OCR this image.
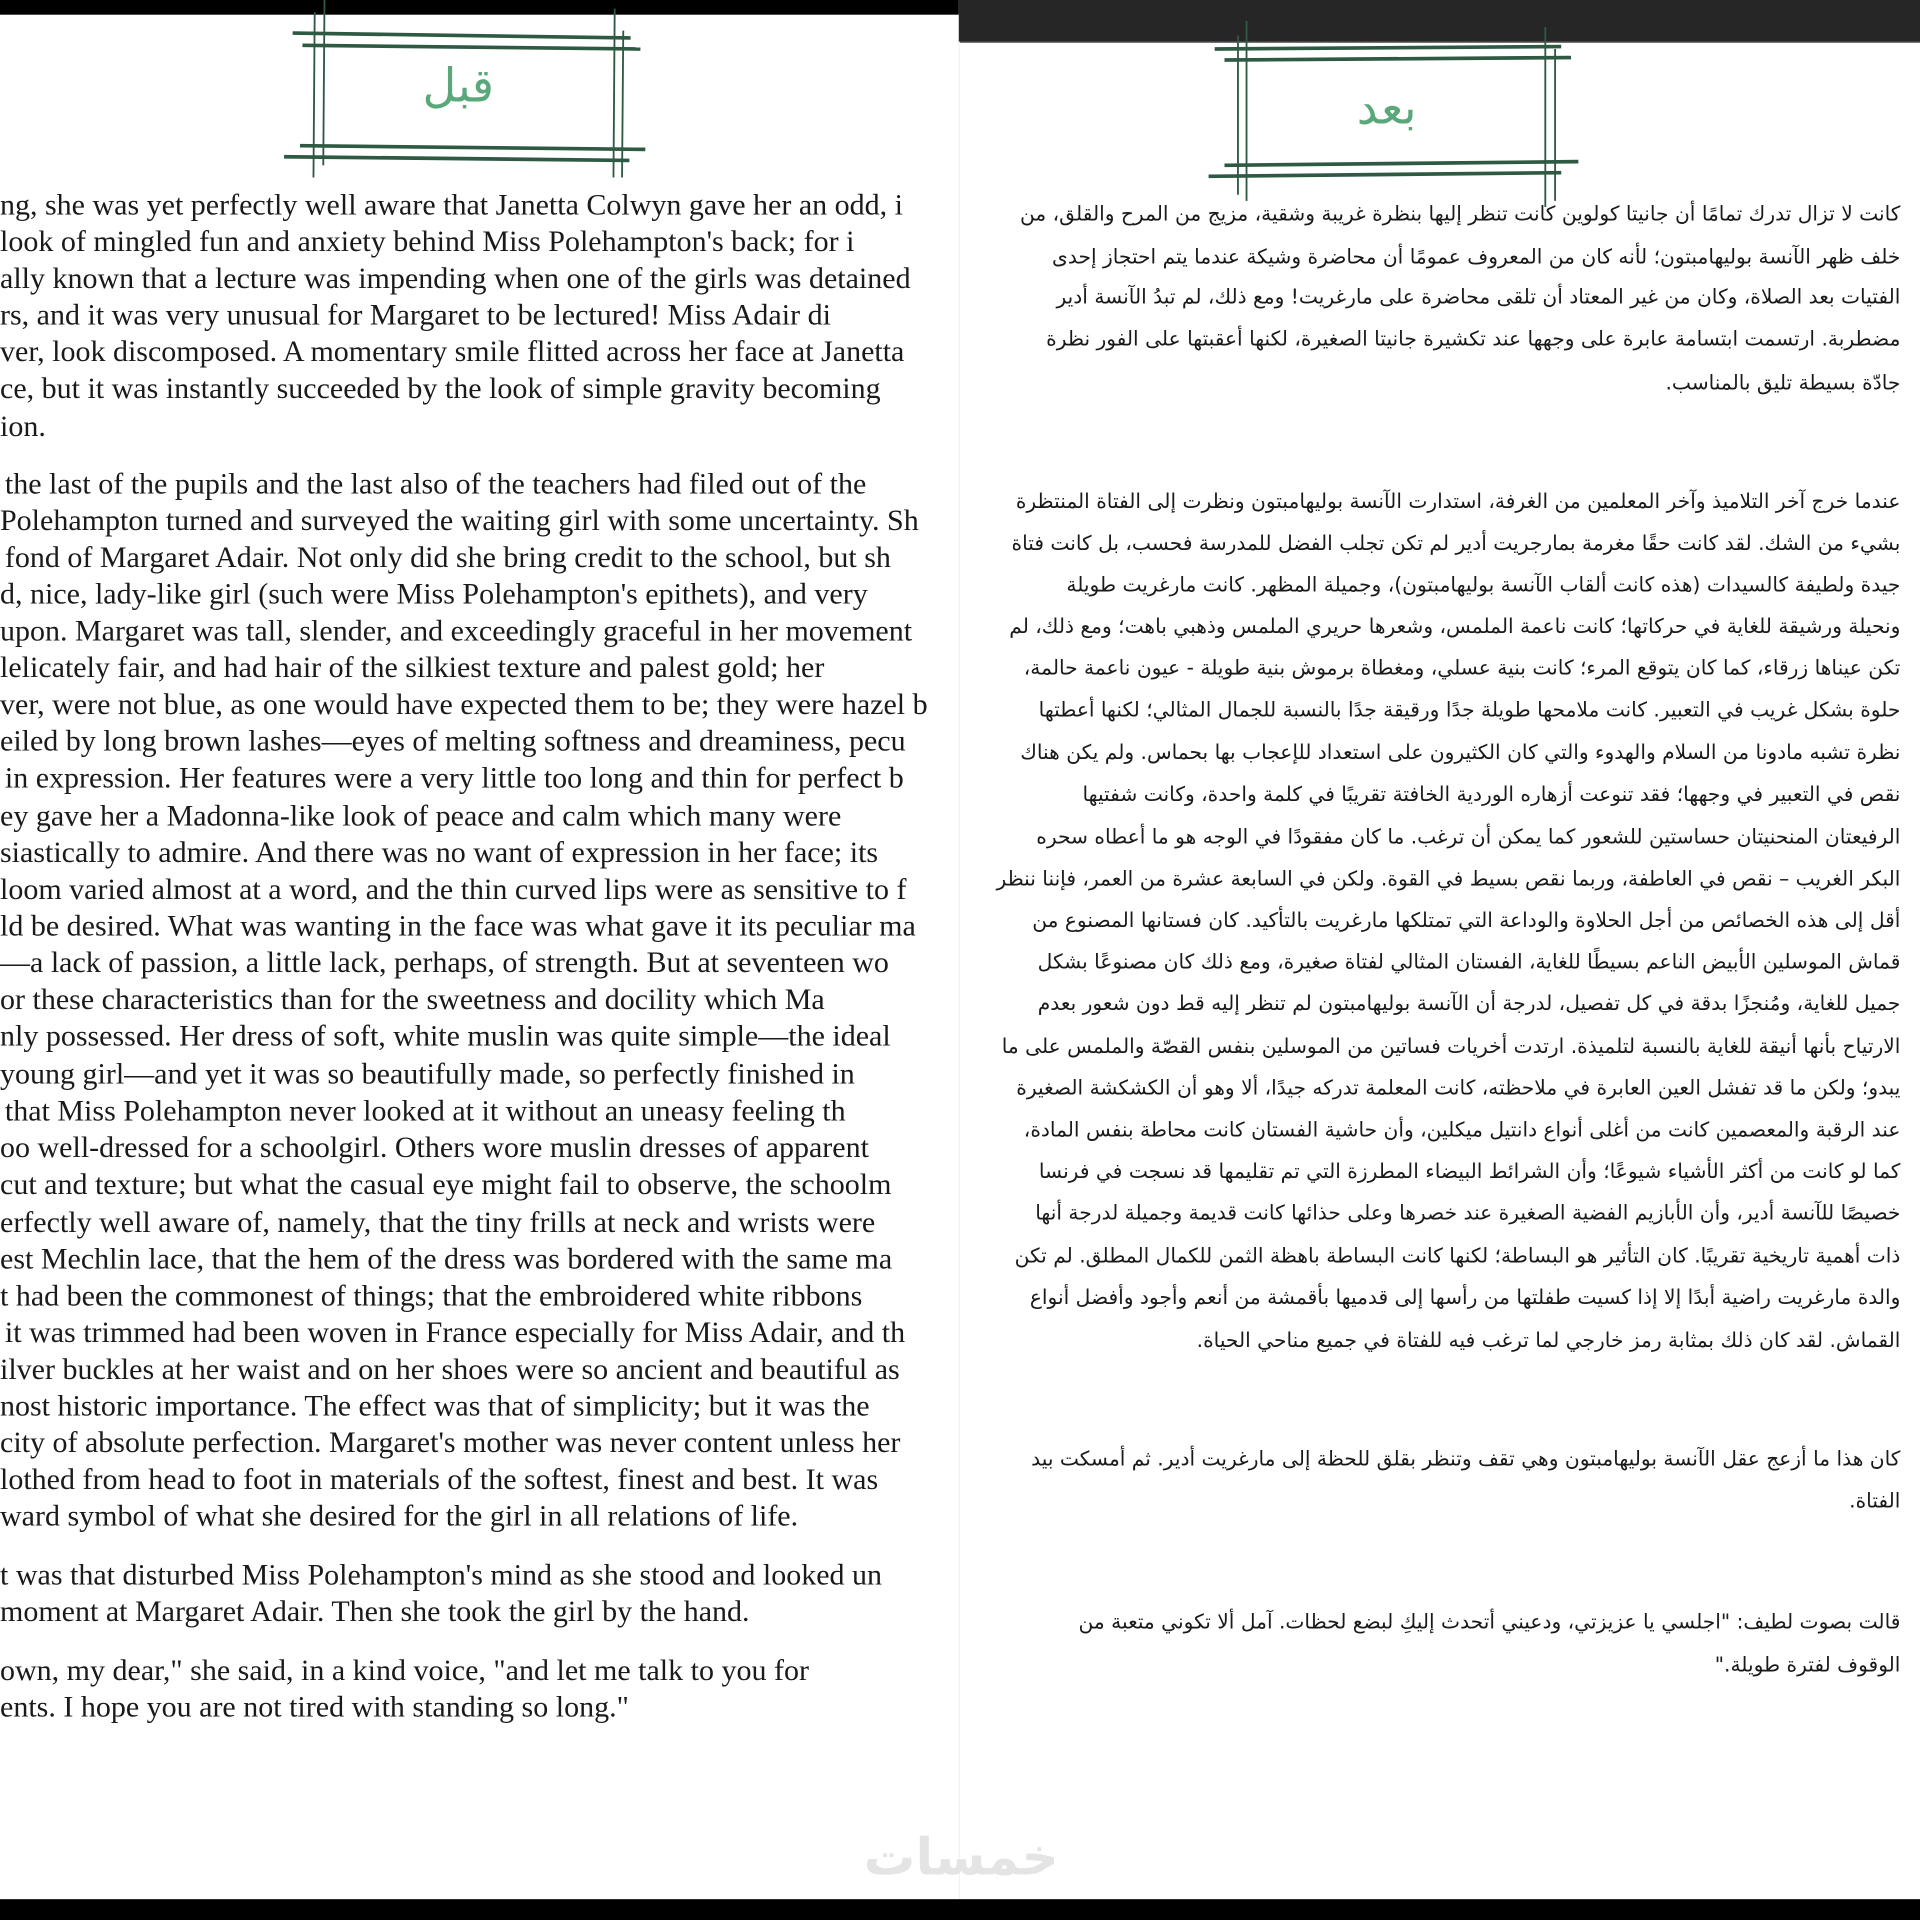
قبل	بعد
ng, she was yet perfectly well aware that Janetta Colwyn gave her an odd, i
look of mingled fun and anxiety behind Miss Polehampton's back; for i
ally known that a lecture was impending when one of the girls was detained
rs, and it was very unusual for Margaret to be lectured! Miss Adair di
ver, look discomposed. A momentary smile flitted across her face at Janetta
ce, but it was instantly succeeded by the look of simple gravity becoming
ion.
the last of the pupils and the last also of the teachers had filed out of the
Polehampton turned and surveyed the waiting girl with some uncertainty. Sh
fond of Margaret Adair. Not only did she bring credit to the school, but sh
d, nice, lady-like girl (such were Miss Polehampton's epithets), and very
upon. Margaret was tall, slender, and exceedingly graceful in her movement
lelicately fair, and had hair of the silkiest texture and palest gold; her
ver, were not blue, as one would have expected them to be; they were hazel b
eiled by long brown lashes—eyes of melting softness and dreaminess, pecu
in expression. Her features were a very little too long and thin for perfect b
ey gave her a Madonna-like look of peace and calm which many were
siastically to admire. And there was no want of expression in her face; its
loom varied almost at a word, and the thin curved lips were as sensitive to f
ld be desired. What was wanting in the face was what gave it its peculiar ma
—a lack of passion, a little lack, perhaps, of strength. But at seventeen wo
or these characteristics than for the sweetness and docility which Ma
nly possessed. Her dress of soft, white muslin was quite simple—the ideal
young girl—and yet it was so beautifully made, so perfectly finished in
that Miss Polehampton never looked at it without an uneasy feeling th
oo well-dressed for a schoolgirl. Others wore muslin dresses of apparent
cut and texture; but what the casual eye might fail to observe, the schoolm
erfectly well aware of, namely, that the tiny frills at neck and wrists were
est Mechlin lace, that the hem of the dress was bordered with the same ma
t had been the commonest of things; that the embroidered white ribbons
it was trimmed had been woven in France especially for Miss Adair, and th
ilver buckles at her waist and on her shoes were so ancient and beautiful as
nost historic importance. The effect was that of simplicity; but it was the
city of absolute perfection. Margaret's mother was never content unless her
lothed from head to foot in materials of the softest, finest and best. It was
ward symbol of what she desired for the girl in all relations of life.
t was that disturbed Miss Polehampton's mind as she stood and looked un
moment at Margaret Adair. Then she took the girl by the hand.
own, my dear," she said, in a kind voice, "and let me talk to you for
ents. I hope you are not tired with standing so long."
كانت لا تزال تدرك تمامًا أن جانيتا كولوين كانت تنظر إليها بنظرة غريبة وشقية، مزيج من المرح والقلق، من
خلف ظهر الآنسة بوليهامبتون؛ لأنه كان من المعروف عمومًا أن محاضرة وشيكة عندما يتم احتجاز إحدى
الفتيات بعد الصلاة، وكان من غير المعتاد أن تلقى محاضرة على مارغريت! ومع ذلك، لم تبدُ الآنسة أدير
مضطربة. ارتسمت ابتسامة عابرة على وجهها عند تكشيرة جانيتا الصغيرة، لكنها أعقبتها على الفور نظرة
جادّة بسيطة تليق بالمناسب.
عندما خرج آخر التلاميذ وآخر المعلمين من الغرفة، استدارت الآنسة بوليهامبتون ونظرت إلى الفتاة المنتظرة
بشيء من الشك. لقد كانت حقًا مغرمة بمارجريت أدير لم تكن تجلب الفضل للمدرسة فحسب، بل كانت فتاة
جيدة ولطيفة كالسيدات (هذه كانت ألقاب الآنسة بوليهامبتون)، وجميلة المظهر. كانت مارغريت طويلة
ونحيلة ورشيقة للغاية في حركاتها؛ كانت ناعمة الملمس، وشعرها حريري الملمس وذهبي باهت؛ ومع ذلك، لم
تكن عيناها زرقاء، كما كان يتوقع المرء؛ كانت بنية عسلي، ومغطاة برموش بنية طويلة - عيون ناعمة حالمة،
حلوة بشكل غريب في التعبير. كانت ملامحها طويلة جدًا ورقيقة جدًا بالنسبة للجمال المثالي؛ لكنها أعطتها
نظرة تشبه مادونا من السلام والهدوء والتي كان الكثيرون على استعداد للإعجاب بها بحماس. ولم يكن هناك
نقص في التعبير في وجهها؛ فقد تنوعت أزهاره الوردية الخافتة تقريبًا في كلمة واحدة، وكانت شفتيها
الرفيعتان المنحنيتان حساستين للشعور كما يمكن أن ترغب. ما كان مفقودًا في الوجه هو ما أعطاه سحره
البكر الغريب – نقص في العاطفة، وربما نقص بسيط في القوة. ولكن في السابعة عشرة من العمر، فإننا ننظر
أقل إلى هذه الخصائص من أجل الحلاوة والوداعة التي تمتلكها مارغريت بالتأكيد. كان فستانها المصنوع من
قماش الموسلين الأبيض الناعم بسيطًا للغاية، الفستان المثالي لفتاة صغيرة، ومع ذلك كان مصنوعًا بشكل
جميل للغاية، ومُنجزًا بدقة في كل تفصيل، لدرجة أن الآنسة بوليهامبتون لم تنظر إليه قط دون شعور بعدم
الارتياح بأنها أنيقة للغاية بالنسبة لتلميذة. ارتدت أخريات فساتين من الموسلين بنفس القصّة والملمس على ما
يبدو؛ ولكن ما قد تفشل العين العابرة في ملاحظته، كانت المعلمة تدركه جيدًا، ألا وهو أن الكشكشة الصغيرة
عند الرقبة والمعصمين كانت من أغلى أنواع دانتيل ميكلين، وأن حاشية الفستان كانت محاطة بنفس المادة،
كما لو كانت من أكثر الأشياء شيوعًا؛ وأن الشرائط البيضاء المطرزة التي تم تقليمها قد نسجت في فرنسا
خصيصًا للآنسة أدير، وأن الأبازيم الفضية الصغيرة عند خصرها وعلى حذائها كانت قديمة وجميلة لدرجة أنها
ذات أهمية تاريخية تقريبًا. كان التأثير هو البساطة؛ لكنها كانت البساطة باهظة الثمن للكمال المطلق. لم تكن
والدة مارغريت راضية أبدًا إلا إذا كسيت طفلتها من رأسها إلى قدميها بأقمشة من أنعم وأجود وأفضل أنواع
القماش. لقد كان ذلك بمثابة رمز خارجي لما ترغب فيه للفتاة في جميع مناحي الحياة.
كان هذا ما أزعج عقل الآنسة بوليهامبتون وهي تقف وتنظر بقلق للحظة إلى مارغريت أدير. ثم أمسكت بيد
الفتاة.
قالت بصوت لطيف: "اجلسي يا عزيزتي، ودعيني أتحدث إليكِ لبضع لحظات. آمل ألا تكوني متعبة من
الوقوف لفترة طويلة."
خمسات
